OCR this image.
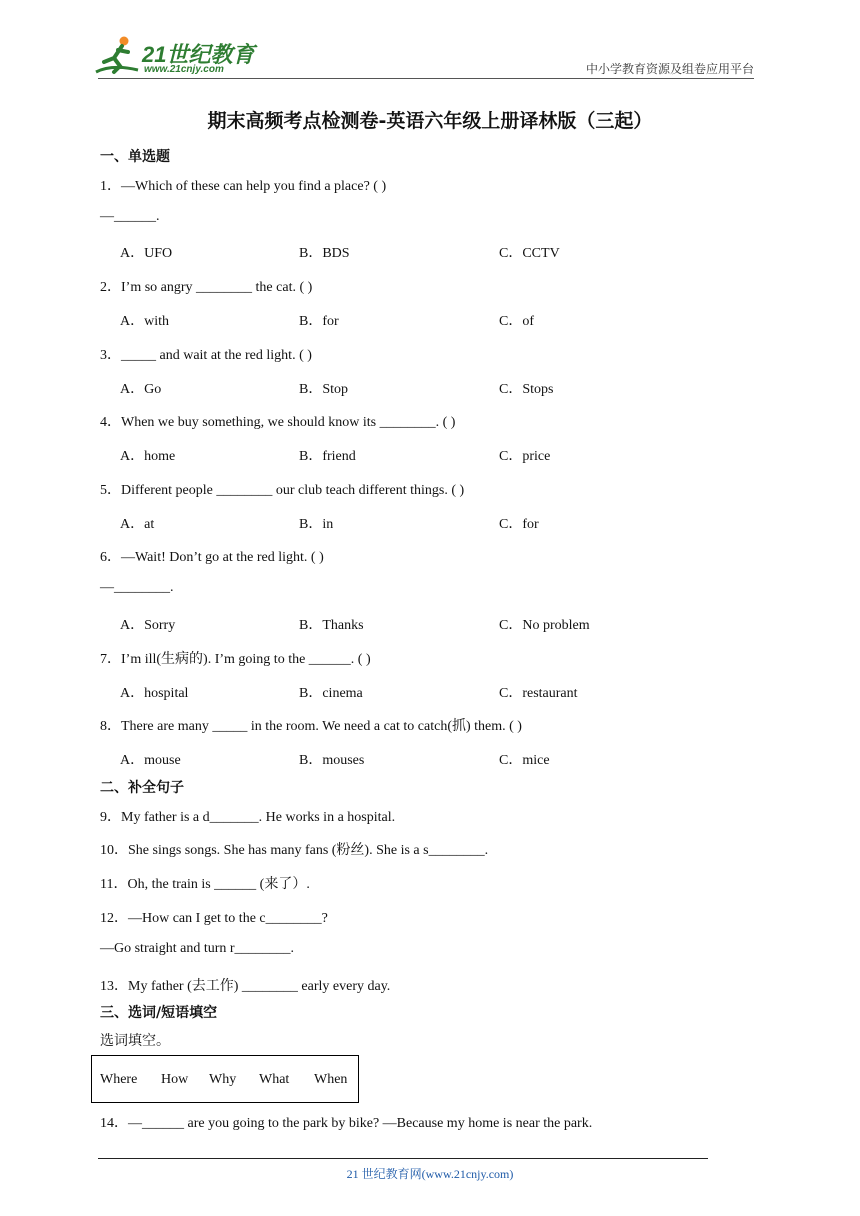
21世纪教育
www.21cnjy.com	中小学教育资源及组卷应用平台
期末高频考点检测卷-英语六年级上册译林版（三起）
一、单选题
1．—Which of these can help you find a place? ( )
—______.
A．UFO	B．BDS	C．CCTV
2．I’m so angry ________ the cat. ( )
A．with	B．for	C．of
3．_____ and wait at the red light. ( )
A．Go	B．Stop	C．Stops
4．When we buy something, we should know its ________. ( )
A．home	B．friend	C．price
5．Different people ________ our club teach different things. ( )
A．at	B．in	C．for
6．—Wait! Don’t go at the red light. ( )
—________.
A．Sorry	B．Thanks	C．No problem
7．I’m ill(生病的). I’m going to the ______. ( )
A．hospital	B．cinema	C．restaurant
8．There are many _____ in the room. We need a cat to catch(抓) them. ( )
A．mouse	B．mouses	C．mice
二、补全句子
9．My father is a d_______. He works in a hospital.
10．She sings songs. She has many fans (粉丝). She is a s________.
11．Oh, the train is ______ (来了）.
12．—How can I get to the c________?
—Go straight and turn r________.
13．My father (去工作) ________ early every day.
三、选词/短语填空
选词填空。
Where How Why What When
14．—______ are you going to the park by bike? —Because my home is near the park.
21 世纪教育网(www.21cnjy.com)
